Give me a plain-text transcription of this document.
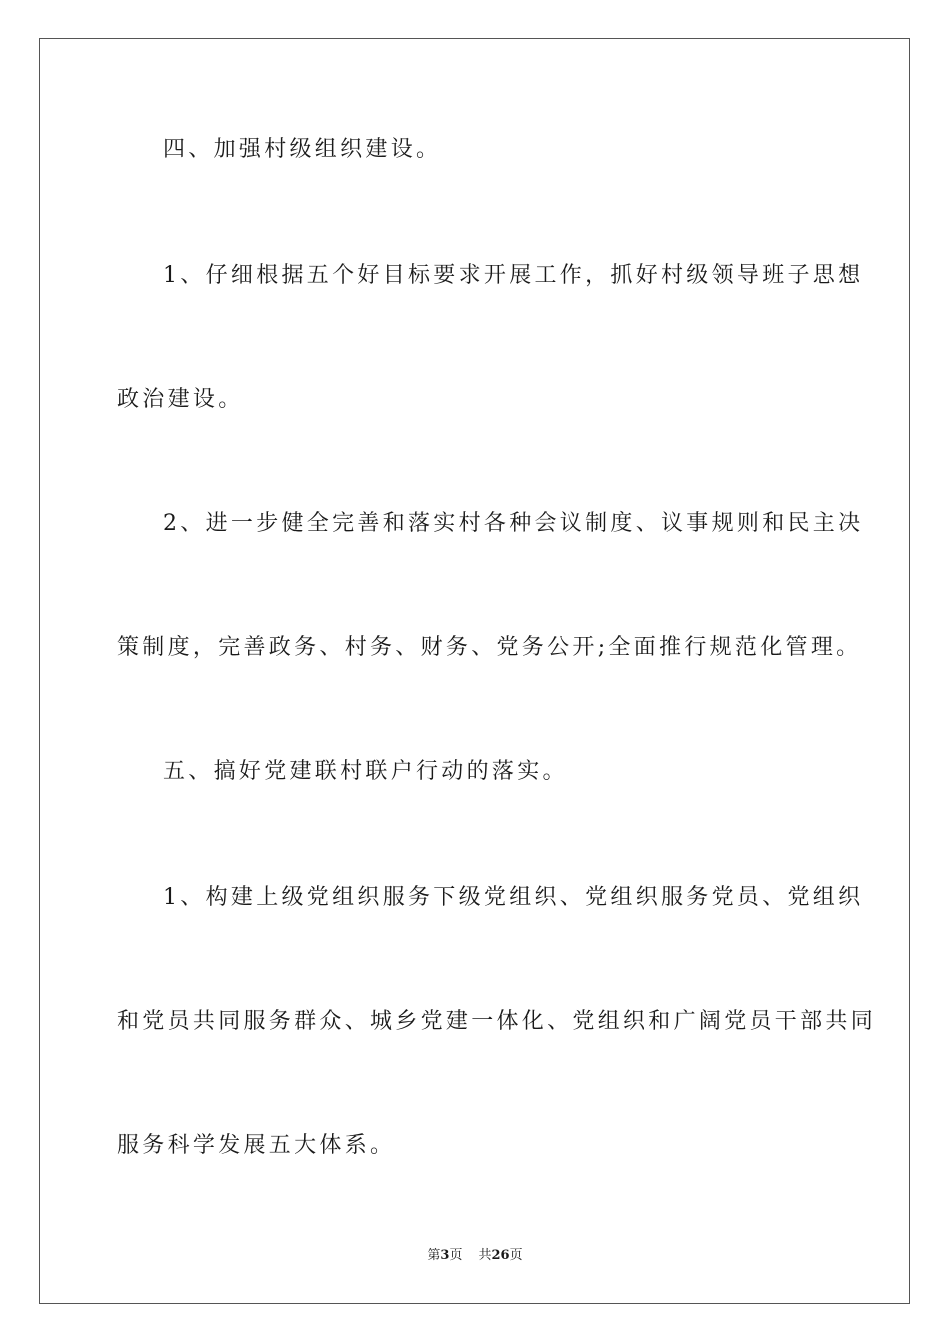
四、加强村级组织建设。
1、仔细根据五个好目标要求开展工作，抓好村级领导班子思想
政治建设。
2、进一步健全完善和落实村各种会议制度、议事规则和民主决
策制度，完善政务、村务、财务、党务公开;全面推行规范化管理。
五、搞好党建联村联户行动的落实。
1、构建上级党组织服务下级党组织、党组织服务党员、党组织
和党员共同服务群众、城乡党建一体化、党组织和广阔党员干部共同
服务科学发展五大体系。
第3页 共26页
